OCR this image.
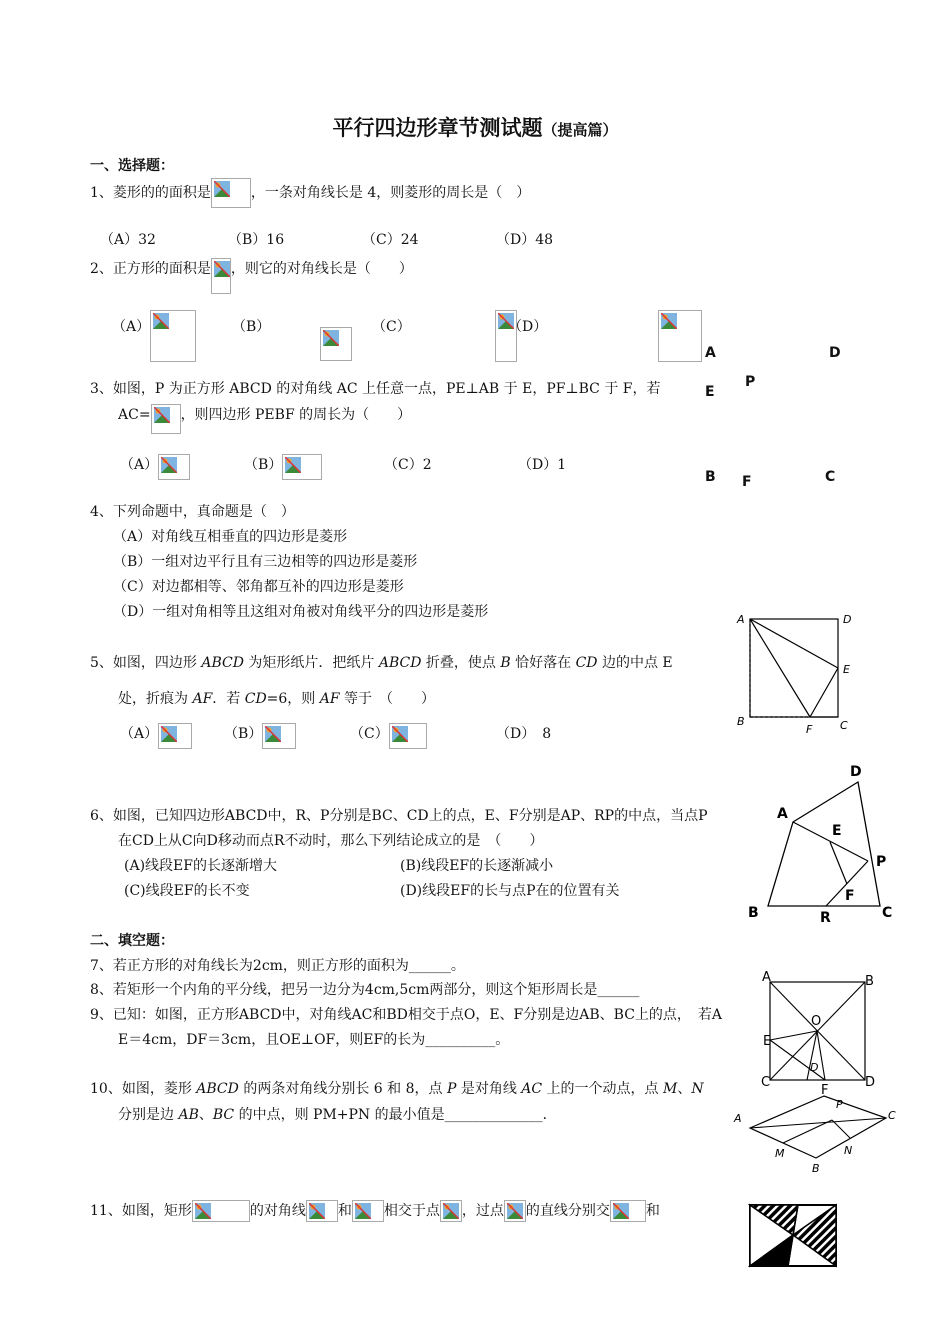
平行四边形章节测试题（提高篇）
一、选择题：
1、菱形的的面积是	，一条对角线长是 4，则菱形的周长是（　）
（A）32	（B）16	（C）24	（D）48
2、正方形的面积是 ，则它的对角线长是（　　）
（A）
	（B）
	（C）
	（D）
A	D
P
E
B F	C
3、如图，P 为正方形 ABCD 的对角线 AC 上任意一点，PE⊥AB 于 E，PF⊥BC 于 F，若
AC= ，则四边形 PEBF 的周长为（　　）
（A）	（B）	（C）2	（D）1
4、下列命题中，真命题是（　）
（A）对角线互相垂直的四边形是菱形
（B）一组对边平行且有三边相等的四边形是菱形
（C）对边都相等、邻角都互补的四边形是菱形
（D）一组对角相等且这组对角被对角线平分的四边形是菱形	A	D
E
B
F	C
5、如图，四边形 ABCD 为矩形纸片．把纸片 ABCD 折叠，使点 B 恰好落在 CD 边的中点 E
处，折痕为 AF．若 CD=6，则 AF 等于　（　　）
（A）	（B）	（C）	（D）　8
D
A
E
P
F
B	R	C
6、如图，已知四边形ABCD中，R、P分别是BC、CD上的点，E、F分别是AP、RP的中点，当点P
在CD上从C向D移动而点R不动时，那么下列结论成立的是　（　　）
(A)线段EF的长逐渐增大	(B)线段EF的长逐渐减小
(C)线段EF的长不变	(D)线段EF的长与点P在的位置有关
二、填空题：
7、若正方形的对角线长为2cm，则正方形的面积为______。
8、若矩形一个内角的平分线，把另一边分为4cm,5cm两部分，则这个矩形周长是______
9、已知：如图，正方形ABCD中，对角线AC和BD相交于点O，E、F分别是边AB、BC上的点，　若A
E＝4cm，DF＝3cm，且OE⊥OF，则EF的长为__________。
A	B
O
E
D
C	D
F
10、如图，菱形 ABCD 的两条对角线分别长 6 和 8，点 P 是对角线 AC 上的一个动点，点 M、N
分别是边 AB、BC 的中点，则 PM+PN 的最小值是______________．	A
P
C
M	N
B
11、如图，矩形	的对角线 和 相交于点 ，过点 的直线分别交	和
